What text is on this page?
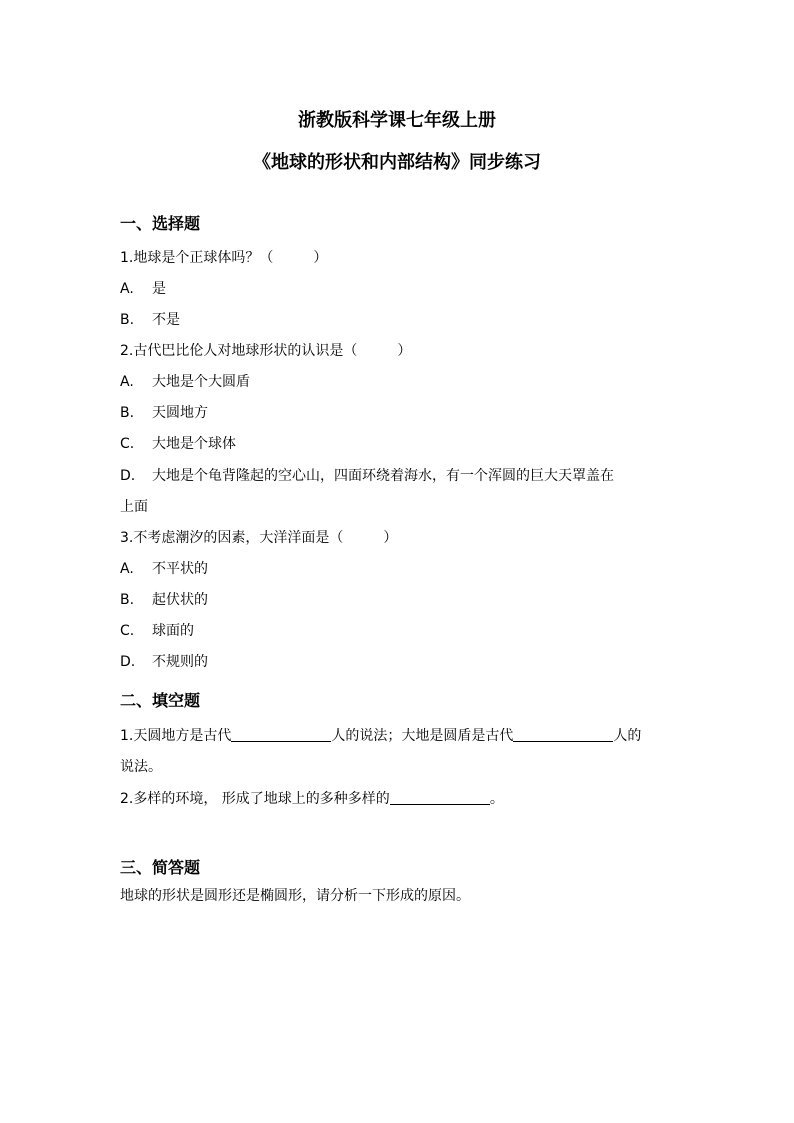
浙教版科学课七年级上册
《地球的形状和内部结构》同步练习
一、选择题
1.地球是个正球体吗？（	）
A. 是
B. 不是
2.古代巴比伦人对地球形状的认识是（	）
A. 大地是个大圆盾
B. 天圆地方
C. 大地是个球体
D. 大地是个龟背隆起的空心山，四面环绕着海水，有一个浑圆的巨大天罩盖在
上面
3.不考虑潮汐的因素，大洋洋面是（	）
A. 不平状的
B. 起伏状的
C. 球面的
D. 不规则的
二、填空题
1.天圆地方是古代	人的说法；大地是圆盾是古代	人的
说法。
2.多样的环境， 形成了地球上的多种多样的	。
三、简答题
地球的形状是圆形还是椭圆形，请分析一下形成的原因。
